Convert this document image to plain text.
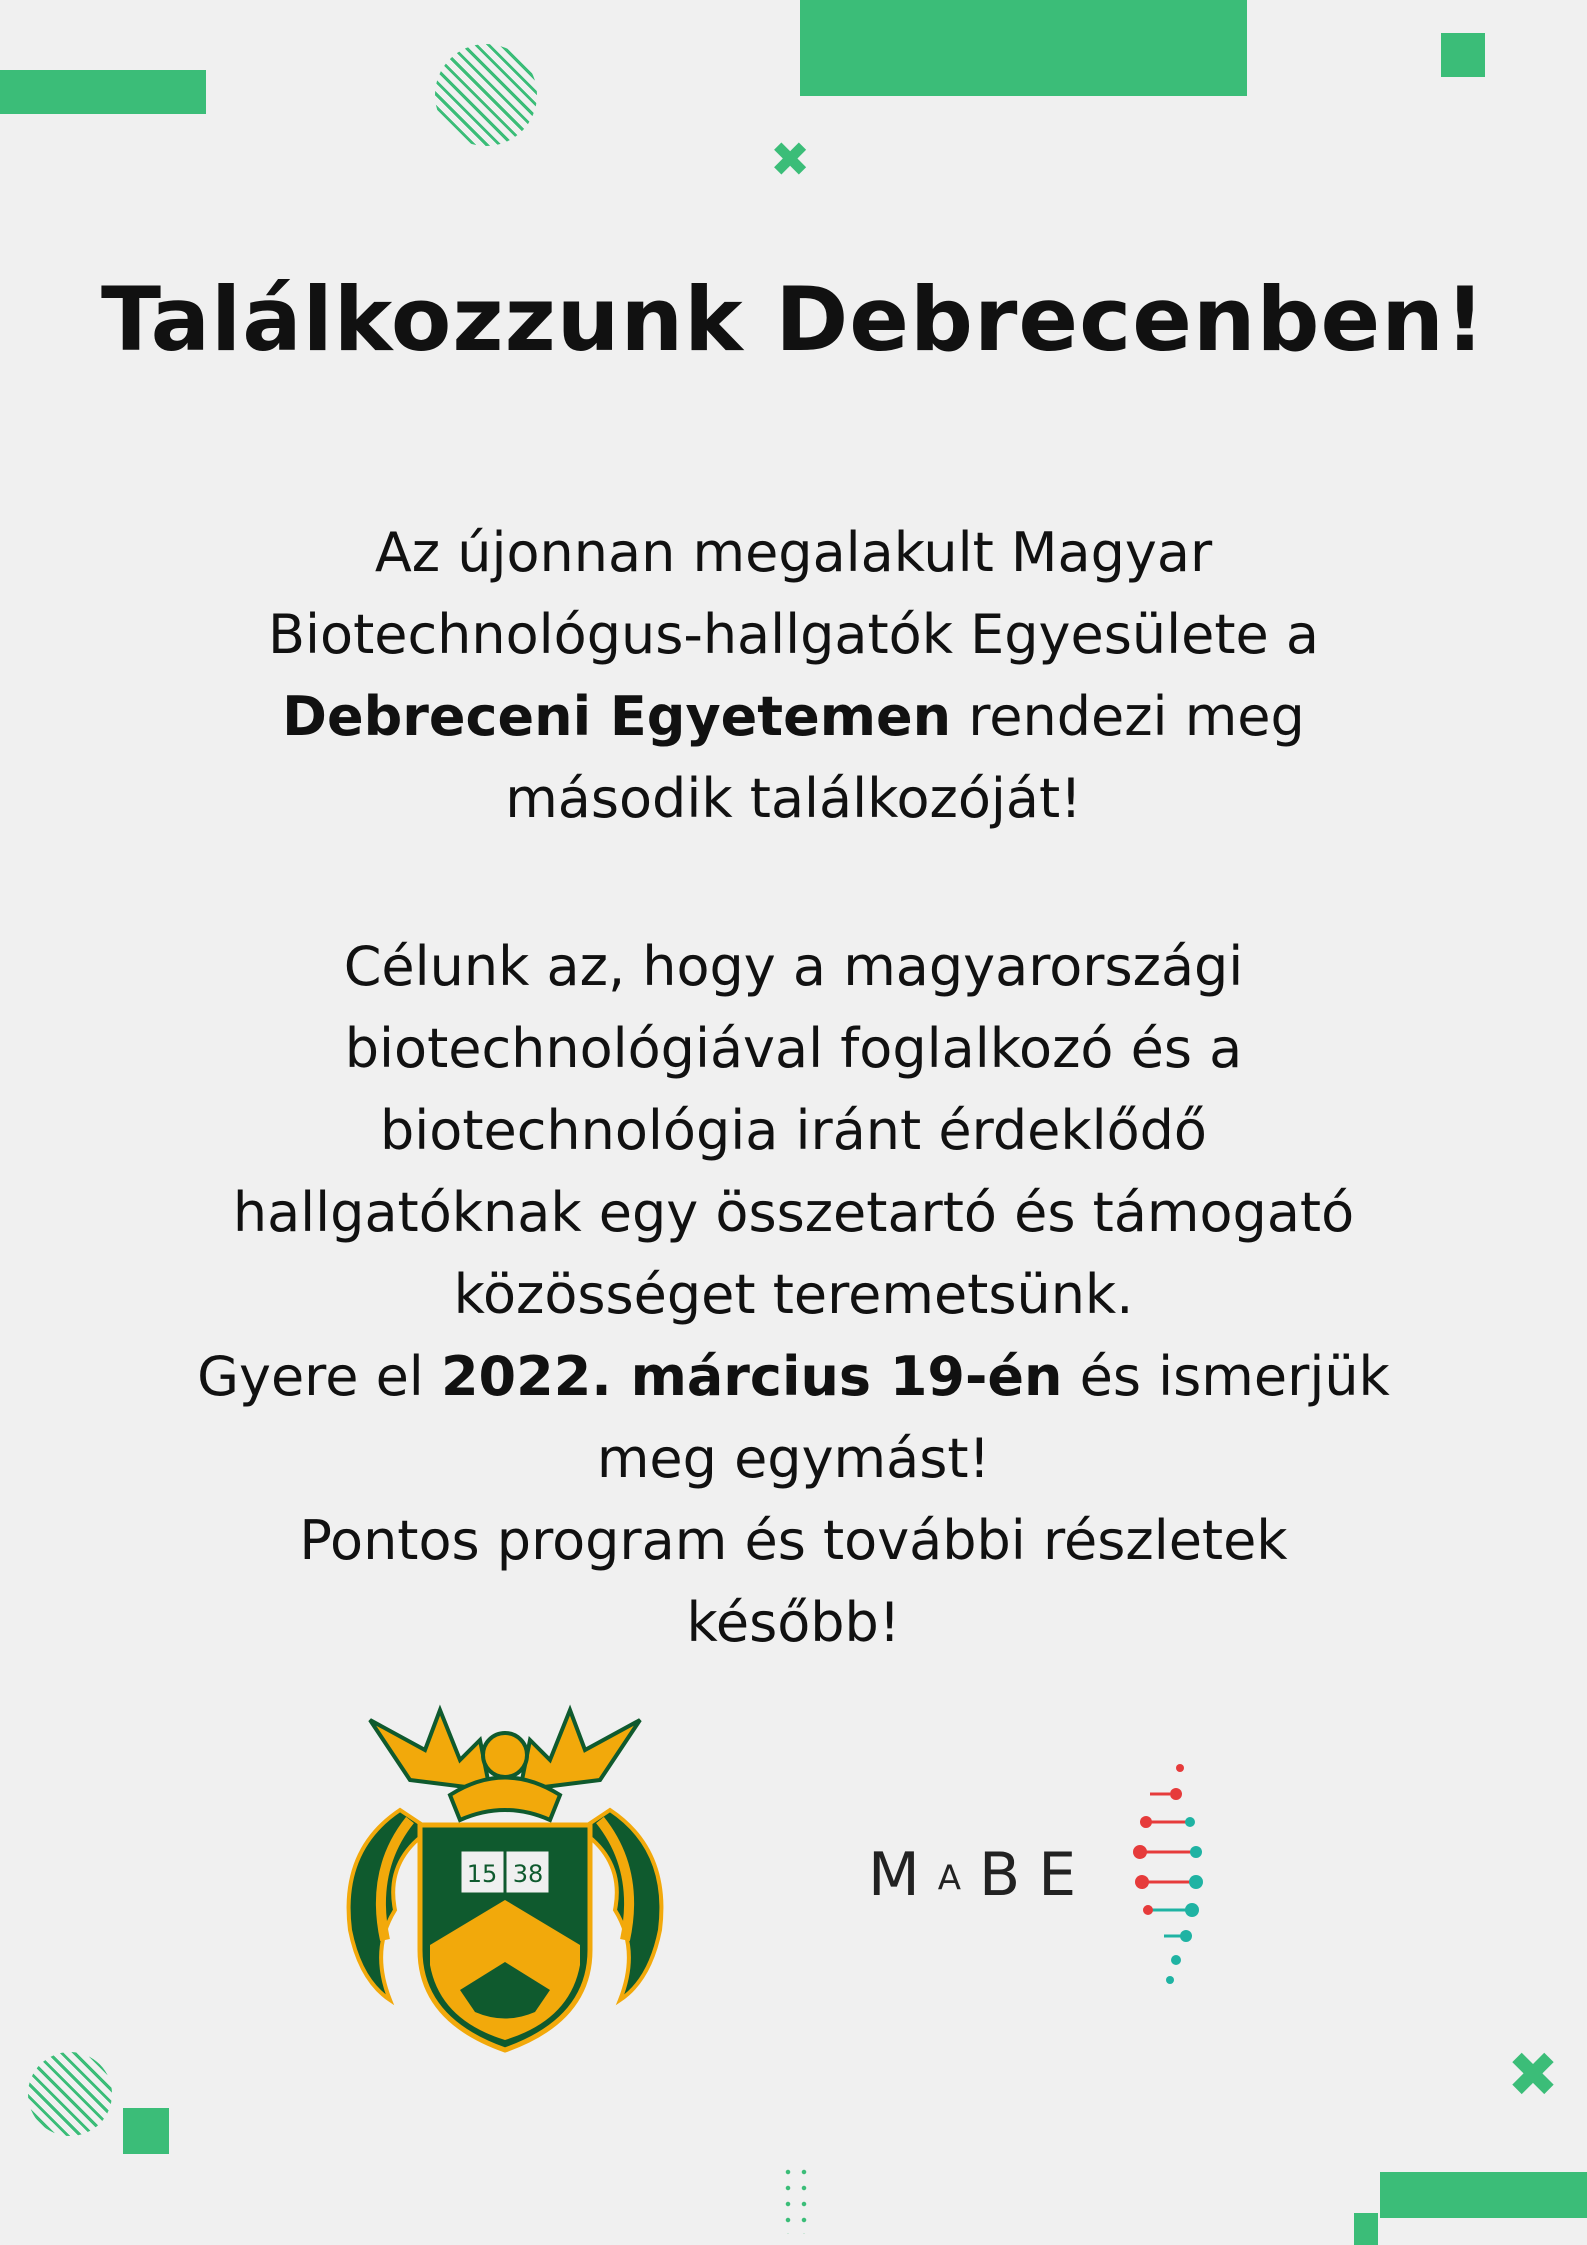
✖
✖
Találkozzunk Debrecenben!

Az újonnan megalakult Magyar
Biotechnológus-hallgatók Egyesülete a
Debreceni Egyetemen rendezi meg
második találkozóját!

Célunk az, hogy a magyarországi
biotechnológiával foglalkozó és a
biotechnológia iránt érdeklődő
hallgatóknak egy összetartó és támogató
közösséget teremetsünk.

Gyere el 2022. március 19-én és ismerjük
meg egymást!

Pontos program és további részletek
később!

15 38	MABE
